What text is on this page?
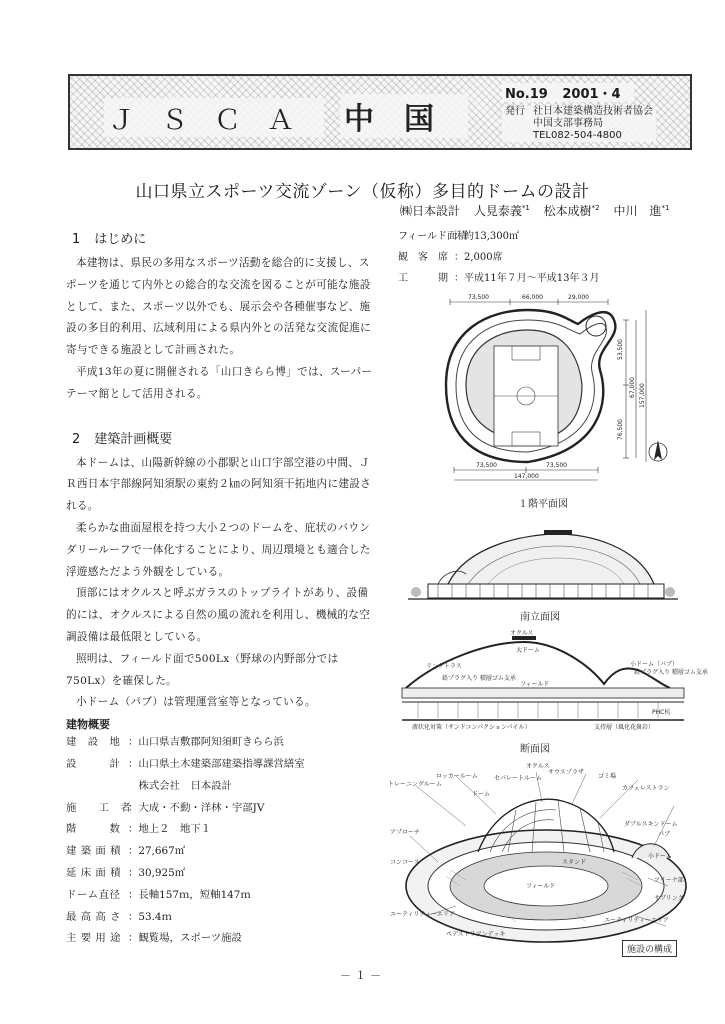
ＪＳＣＡ 中国
No.19 2001・4
発行 社日本建築構造技術者協会
中国支部事務局
TEL082-504-4800
山口県立スポーツ交流ゾーン（仮称）多目的ドームの設計
㈱日本設計 人見泰義$^{*1}$ 松本成樹$^{*2}$ 中川　進$^{*1}$
1 はじめに

本建物は、県民の多用なスポーツ活動を総合的に支援し、スポーツを通じて内外との総合的な交流を図ることが可能な施設として、また、スポーツ以外でも、展示会や各種催事など、施設の多目的利用、広域利用による県内外との活発な交流促進に寄与できる施設として計画された。

平成13年の夏に開催される「山口きらら博」では、スーパーテーマ館として活用される。

2 建築計画概要

本ドームは、山陽新幹線の小郡駅と山口宇部空港の中間、ＪＲ西日本宇部線阿知須駅の東約２㎞の阿知須干拓地内に建設される。

柔らかな曲面屋根を持つ大小２つのドームを、庇状のバウンダリールーフで一体化することにより、周辺環境とも適合した浮遊感ただよう外観をしている。

頂部にはオクルスと呼ぶガラスのトップライトがあり、設備的には、オクルスによる自然の風の流れを利用し、機械的な空調設備は最低限としている。

照明は、フィールド面で500Lx（野球の内野部分では750Lx）を確保した。

小ドーム（パブ）は管理運営室等となっている。

建物概要
建　設　地 ：山口県吉敷郡阿知須町きらら浜
設　　　計 ：山口県土木建築部建築指導課営繕室
　株式会社　日本設計
施　　工　者
：大成・不動・洋林・宇部JV
階　　　数 ：地上２　地下１
建 築 面 積 ：27,667㎡
延 床 面 積 ：30,925㎡
ドーム直径 ：長軸157ｍ，短軸147ｍ
最 高 高 さ ：53.4ｍ
主 要 用 途 ：観覧場，スポーツ施設
フィールド面積
：約13,300㎡
観　客　席 ：2,000席
工　　　期 ：平成11年７月～平成13年３月
73,500	66,000	29,000
53,500
76,500
67,000 157,000
73,500	73,500
147,000
１階平面図
南立面図
オクルス
大ドーム
小ドーム（パブ）
リングトラス
鉛プラグ入り 積層ゴム支承
鉛プラグ入り 積層ゴム支承
フィールド
液状化対策（サンドコンパクションパイル）	支持層（風化花崗岩）
PHC杭
断面図
トレーニングルーム
ロッカールーム	セパレートルーム
サウスプラザ
ゴミ場
カフェレストラン
オクルス
ドーム
アプローチ
フィールド
コンコース
ユーティリティーエリア
スタンド
ダブルスキンドーム
パブ
アリーナ部
ユーティリティーエリア
サブリング
小ドーム
ペデストリアンデッキ
施設の構成
－１－
